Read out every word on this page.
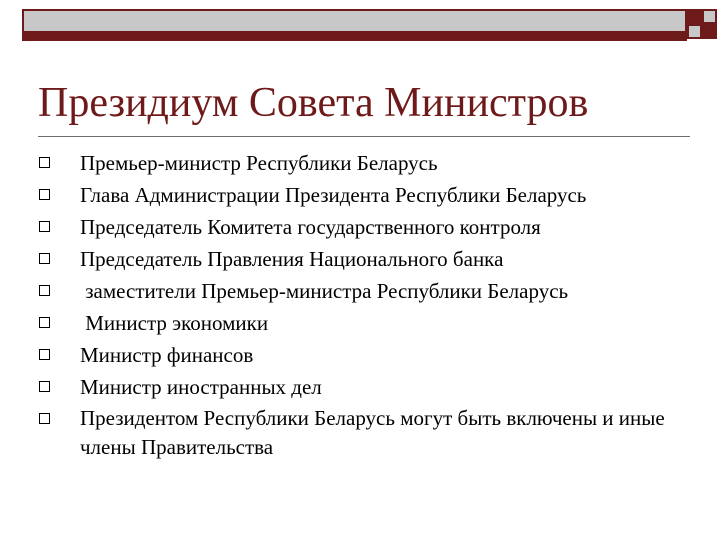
Президиум Совета Министров
Премьер-министр Республики Беларусь
Глава Администрации Президента Республики Беларусь
Председатель Комитета государственного контроля
Председатель Правления Национального банка
заместители Премьер-министра Республики Беларусь
Министр экономики
Министр финансов
Министр иностранных дел
Президентом Республики Беларусь могут быть включены и иные члены Правительства
